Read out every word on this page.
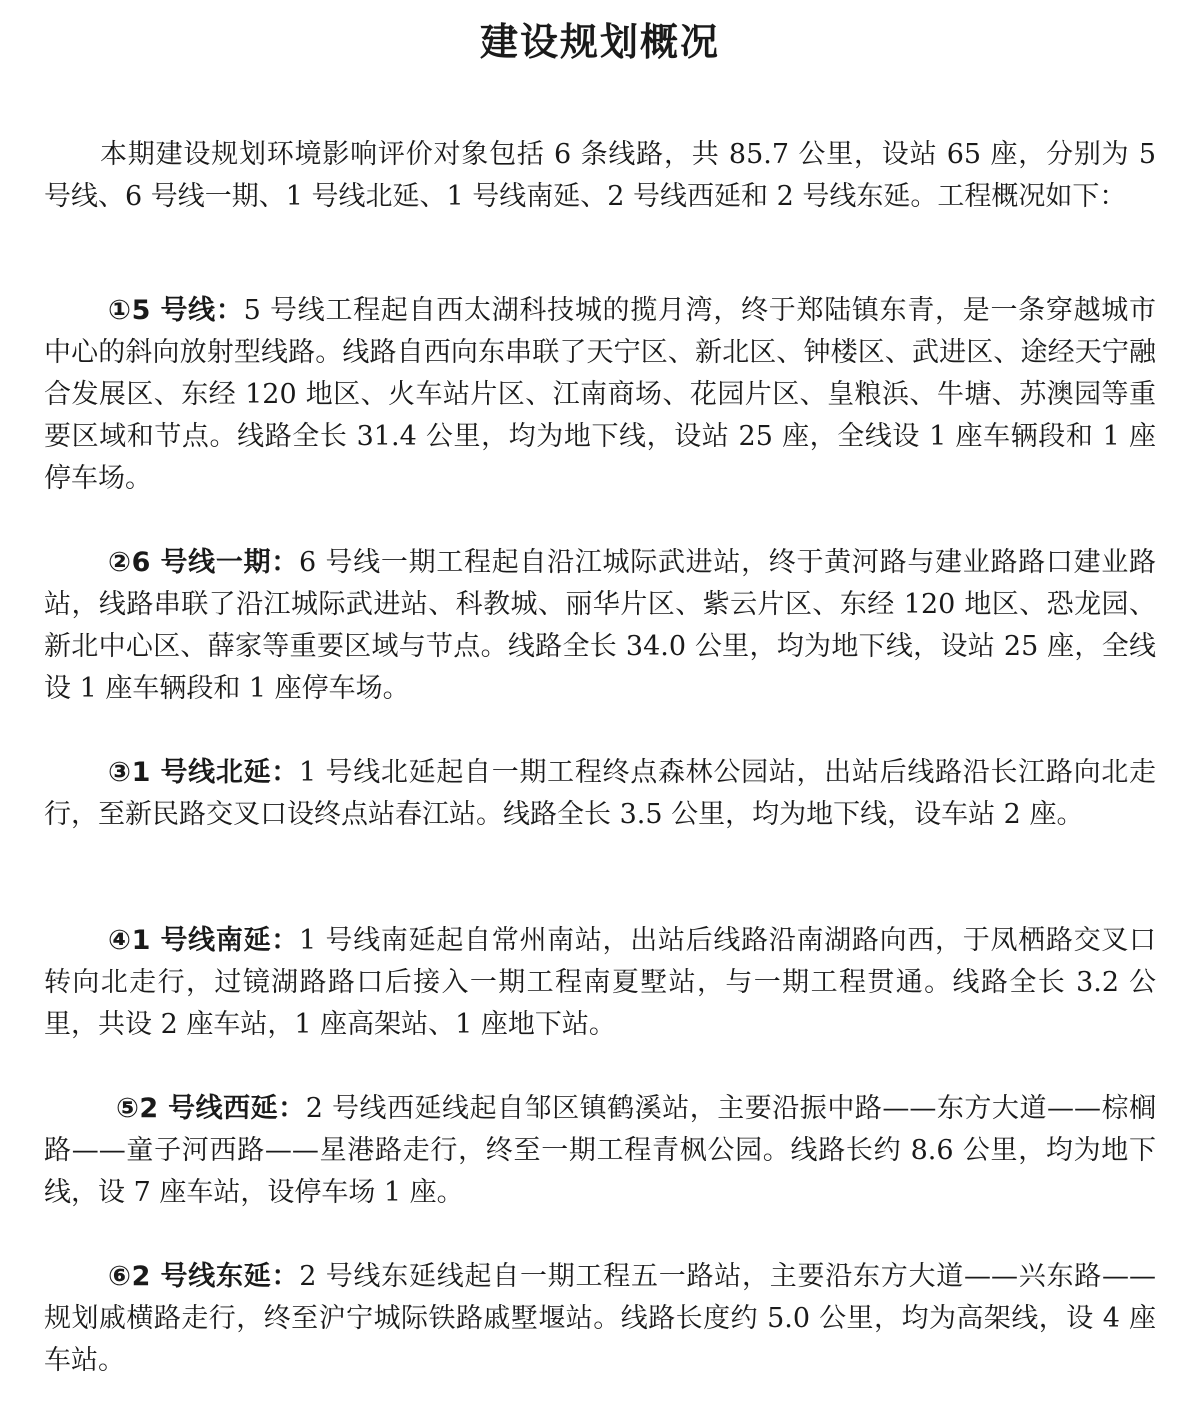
建设规划概况

本期建设规划环境影响评价对象包括 6 条线路，共 85.7 公里，设站 65 座，分别为 5 号线、6 号线一期、1 号线北延、1 号线南延、2 号线西延和 2 号线东延。工程概况如下：

①5 号线：5 号线工程起自西太湖科技城的揽月湾，终于郑陆镇东青，是一条穿越城市中心的斜向放射型线路。线路自西向东串联了天宁区、新北区、钟楼区、武进区、途经天宁融合发展区、东经 120 地区、火车站片区、江南商场、花园片区、皇粮浜、牛塘、苏澳园等重要区域和节点。线路全长 31.4 公里，均为地下线，设站 25 座，全线设 1 座车辆段和 1 座停车场。

②6 号线一期：6 号线一期工程起自沿江城际武进站，终于黄河路与建业路路口建业路站，线路串联了沿江城际武进站、科教城、丽华片区、紫云片区、东经 120 地区、恐龙园、新北中心区、薛家等重要区域与节点。线路全长 34.0 公里，均为地下线，设站 25 座，全线设 1 座车辆段和 1 座停车场。

③1 号线北延：1 号线北延起自一期工程终点森林公园站，出站后线路沿长江路向北走行，至新民路交叉口设终点站春江站。线路全长 3.5 公里，均为地下线，设车站 2 座。

④1 号线南延：1 号线南延起自常州南站，出站后线路沿南湖路向西，于凤栖路交叉口转向北走行，过镜湖路路口后接入一期工程南夏墅站，与一期工程贯通。线路全长 3.2 公里，共设 2 座车站，1 座高架站、1 座地下站。

⑤2 号线西延：2 号线西延线起自邹区镇鹤溪站，主要沿振中路——东方大道——棕榈路——童子河西路——星港路走行，终至一期工程青枫公园。线路长约 8.6 公里，均为地下线，设 7 座车站，设停车场 1 座。

⑥2 号线东延：2 号线东延线起自一期工程五一路站，主要沿东方大道——兴东路——规划戚横路走行，终至沪宁城际铁路戚墅堰站。线路长度约 5.0 公里，均为高架线，设 4 座车站。
